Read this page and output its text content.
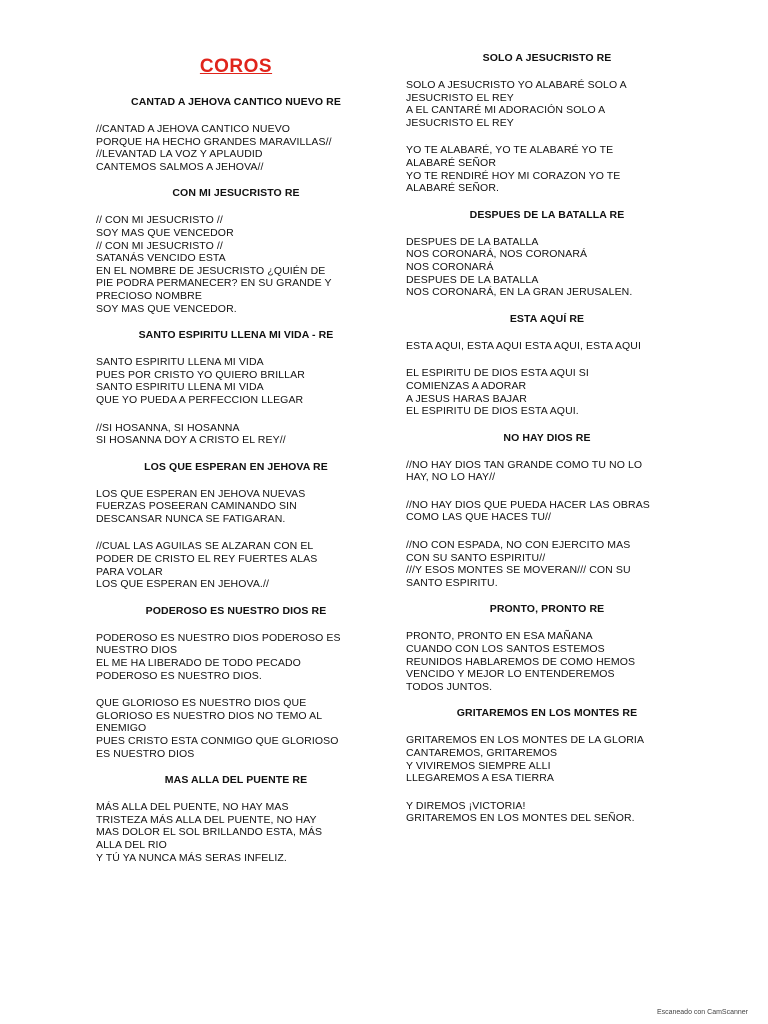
COROS
CANTAD A JEHOVA CANTICO NUEVO RE
//CANTAD A JEHOVA CANTICO NUEVO
PORQUE HA HECHO GRANDES MARAVILLAS//
//LEVANTAD LA VOZ Y APLAUDID
CANTEMOS SALMOS A JEHOVA//
CON MI JESUCRISTO RE
// CON MI JESUCRISTO //
SOY MAS QUE VENCEDOR
// CON MI JESUCRISTO //
SATANÁS VENCIDO ESTA
EN EL NOMBRE DE JESUCRISTO ¿QUIÉN DE
PIE PODRA PERMANECER? EN SU GRANDE Y
PRECIOSO NOMBRE
SOY MAS QUE VENCEDOR.
SANTO ESPIRITU LLENA MI VIDA - RE
SANTO ESPIRITU LLENA MI VIDA
PUES POR CRISTO YO QUIERO BRILLAR
SANTO ESPIRITU LLENA MI VIDA
QUE YO PUEDA A PERFECCION LLEGAR
//SI HOSANNA, SI HOSANNA
SI HOSANNA DOY A CRISTO EL REY//
LOS QUE ESPERAN EN JEHOVA RE
LOS QUE ESPERAN EN JEHOVA NUEVAS
FUERZAS POSEERAN CAMINANDO SIN
DESCANSAR NUNCA SE FATIGARAN.
//CUAL LAS AGUILAS SE ALZARAN CON EL
PODER DE CRISTO EL REY FUERTES ALAS
PARA VOLAR
LOS QUE ESPERAN EN JEHOVA.//
PODEROSO ES NUESTRO DIOS RE
PODEROSO ES NUESTRO DIOS PODEROSO ES
NUESTRO DIOS
EL ME HA LIBERADO DE TODO PECADO
PODEROSO ES NUESTRO DIOS.
QUE GLORIOSO ES NUESTRO DIOS QUE
GLORIOSO ES NUESTRO DIOS NO TEMO AL
ENEMIGO
PUES CRISTO ESTA CONMIGO QUE GLORIOSO
ES NUESTRO DIOS
MAS ALLA DEL PUENTE RE
MÁS ALLA DEL PUENTE, NO HAY MAS
TRISTEZA MÁS ALLA DEL PUENTE, NO HAY
MAS DOLOR EL SOL BRILLANDO ESTA, MÁS
ALLA DEL RIO
Y TÚ YA NUNCA MÁS SERAS INFELIZ.
SOLO A JESUCRISTO RE
SOLO A JESUCRISTO YO ALABARÉ SOLO A
JESUCRISTO EL REY
A EL CANTARÉ MI ADORACIÓN SOLO A
JESUCRISTO EL REY
YO TE ALABARÉ, YO TE ALABARÉ YO TE
ALABARÉ SEÑOR
YO TE RENDIRÉ HOY MI CORAZON YO TE
ALABARÉ SEÑOR.
DESPUES DE LA BATALLA RE
DESPUES DE LA BATALLA
NOS CORONARÁ, NOS CORONARÁ
NOS CORONARÁ
DESPUES DE LA BATALLA
NOS CORONARÁ, EN LA GRAN JERUSALEN.
ESTA AQUÍ RE
ESTA AQUI, ESTA AQUI ESTA AQUI, ESTA AQUI
EL ESPIRITU DE DIOS ESTA AQUI SI
COMIENZAS A ADORAR
A JESUS HARAS BAJAR
EL ESPIRITU DE DIOS ESTA AQUI.
NO HAY DIOS RE
//NO HAY DIOS TAN GRANDE COMO TU NO LO
HAY, NO LO HAY//
//NO HAY DIOS QUE PUEDA HACER LAS OBRAS
COMO LAS QUE HACES TU//
//NO CON ESPADA, NO CON EJERCITO MAS
CON SU SANTO ESPIRITU//
///Y ESOS MONTES SE MOVERAN/// CON SU
SANTO ESPIRITU.
PRONTO, PRONTO RE
PRONTO, PRONTO EN ESA MAÑANA
CUANDO CON LOS SANTOS ESTEMOS
REUNIDOS HABLAREMOS DE COMO HEMOS
VENCIDO Y MEJOR LO ENTENDEREMOS
TODOS JUNTOS.
GRITAREMOS EN LOS MONTES RE
GRITAREMOS EN LOS MONTES DE LA GLORIA
CANTAREMOS, GRITAREMOS
Y VIVIREMOS SIEMPRE ALLI
LLEGAREMOS A ESA TIERRA
Y DIREMOS ¡VICTORIA!
GRITAREMOS EN LOS MONTES DEL SEÑOR.
Escaneado con CamScanner
